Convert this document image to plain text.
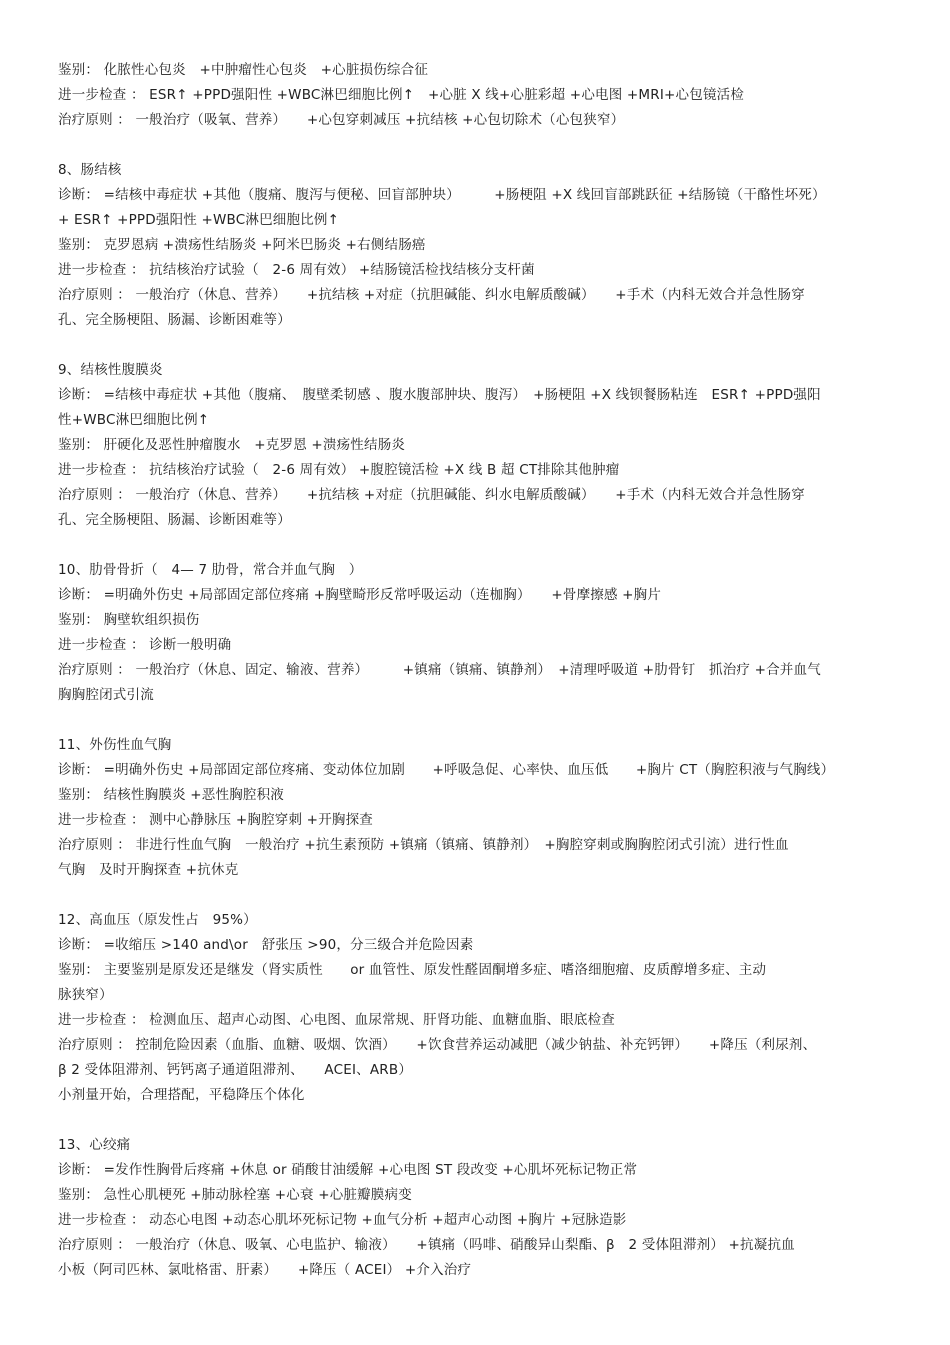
鉴别： 化脓性心包炎　+中肿瘤性心包炎　+心脏损伤综合征
进一步检查 ： ESR↑ +PPD强阳性 +WBC淋巴细胞比例↑　+心脏 X 线+心脏彩超 +心电图 +MRI+心包镜活检
治疗原则 ： 一般治疗（吸氧、营养）　　+心包穿刺减压 +抗结核 +心包切除术（心包狭窄）
8、肠结核
诊断： =结核中毒症状 +其他（腹痛、腹泻与便秘、回盲部肿块）　　　+肠梗阻 +X 线回盲部跳跃征 +结肠镜（干酪性坏死）
+ ESR↑ +PPD强阳性 +WBC淋巴细胞比例↑
鉴别： 克罗恩病 +溃疡性结肠炎 +阿米巴肠炎 +右侧结肠癌
进一步检查 ： 抗结核治疗试验（　2-6 周有效） +结肠镜活检找结核分支杆菌
治疗原则 ： 一般治疗（休息、营养）　　+抗结核 +对症（抗胆碱能、纠水电解质酸碱）　　+手术（内科无效合并急性肠穿
孔、完全肠梗阻、肠漏、诊断困难等）
9、结核性腹膜炎
诊断： =结核中毒症状 +其他（腹痛、　腹壁柔韧感 、腹水腹部肿块、腹泻）　+肠梗阻 +X 线钡餐肠粘连　ESR↑ +PPD强阳
性+WBC淋巴细胞比例↑
鉴别： 肝硬化及恶性肿瘤腹水　+克罗恩 +溃疡性结肠炎
进一步检查 ： 抗结核治疗试验（　2-6 周有效） +腹腔镜活检 +X 线 B 超 CT排除其他肿瘤
治疗原则 ： 一般治疗（休息、营养）　　+抗结核 +对症（抗胆碱能、纠水电解质酸碱）　　+手术（内科无效合并急性肠穿
孔、完全肠梗阻、肠漏、诊断困难等）
10、肋骨骨折（　4— 7 肋骨，常合并血气胸　）
诊断： =明确外伤史 +局部固定部位疼痛 +胸壁畸形反常呼吸运动（连枷胸）　　+骨摩擦感 +胸片
鉴别： 胸壁软组织损伤
进一步检查 ： 诊断一般明确
治疗原则 ： 一般治疗（休息、固定、输液、营养）　　　+镇痛（镇痛、镇静剂）　+清理呼吸道 +肋骨钉　抓治疗 +合并血气
胸胸腔闭式引流
11、外伤性血气胸
诊断： =明确外伤史 +局部固定部位疼痛、变动体位加剧　　+呼吸急促、心率快、血压低　　+胸片 CT（胸腔积液与气胸线）
鉴别： 结核性胸膜炎 +恶性胸腔积液
进一步检查 ： 测中心静脉压 +胸腔穿刺 +开胸探查
治疗原则 ： 非进行性血气胸　一般治疗 +抗生素预防 +镇痛（镇痛、镇静剂）　+胸腔穿刺或胸胸腔闭式引流）进行性血
气胸　及时开胸探查 +抗休克
12、高血压（原发性占　95%）
诊断： =收缩压 >140 and\or　舒张压 >90，分三级合并危险因素
鉴别： 主要鉴别是原发还是继发（肾实质性　　or 血管性、原发性醛固酮增多症、嗜洛细胞瘤、皮质醇增多症、主动
脉狭窄）
进一步检查 ： 检测血压、超声心动图、心电图、血尿常规、肝肾功能、血糖血脂、眼底检查
治疗原则 ： 控制危险因素（血脂、血糖、吸烟、饮酒）　　+饮食营养运动减肥（减少钠盐、补充钙钾）　　+降压（利尿剂、
β 2 受体阻滞剂、钙钙离子通道阻滞剂、　　ACEI、ARB）
小剂量开始，合理搭配，平稳降压个体化
13、心绞痛
诊断： =发作性胸骨后疼痛 +休息 or 硝酸甘油缓解 +心电图 ST 段改变 +心肌坏死标记物正常
鉴别： 急性心肌梗死 +肺动脉栓塞 +心衰 +心脏瓣膜病变
进一步检查 ： 动态心电图 +动态心肌坏死标记物 +血气分析 +超声心动图 +胸片 +冠脉造影
治疗原则 ： 一般治疗（休息、吸氧、心电监护、输液）　　+镇痛（吗啡、硝酸异山梨酯、β　2 受体阻滞剂） +抗凝抗血
小板（阿司匹林、氯吡格雷、肝素）　　+降压（ ACEI） +介入治疗
